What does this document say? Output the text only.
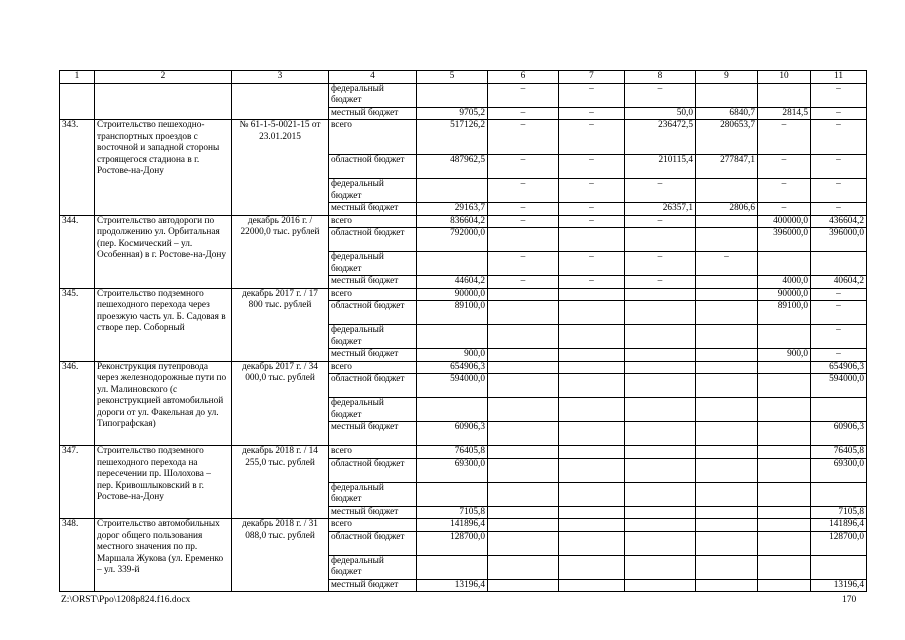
1	2	3	4	5	6	7	8	9	10	11
			федеральный бюджет		–	–	–			–
			местный бюджет	9705,2	–	–	50,0	6840,7	2814,5	–
343.	Строительство пешеходно-транспортных проездов с восточной и западной стороны строящегося стадиона в г. Ростове-на-Дону	№ 61-1-5-0021-15 от 23.01.2015	всего	517126,2	–	–	236472,5	280653,7	–	–
			областной бюджет	487962,5	–	–	210115,4	277847,1	–	–
			федеральный бюджет		–	–	–		–	–
			местный бюджет	29163,7	–	–	26357,1	2806,6	–	–
344.	Строительство автодороги по продолжению ул. Орбитальная (пер. Космический – ул. Особенная) в г. Ростове-на-Дону	декабрь 2016 г. / 22000,0 тыс. рублей	всего	836604,2	–	–	–		400000,0	436604,2
			областной бюджет	792000,0					396000,0	396000,0
			федеральный бюджет		–	–	–	–		
			местный бюджет	44604,2	–	–	–		4000,0	40604,2
345.	Строительство подземного пешеходного перехода через проезжую часть ул. Б. Садовая в створе пер. Соборный	декабрь 2017 г. / 17 800 тыс. рублей	всего	90000,0					90000,0	–
			областной бюджет	89100,0					89100,0	–
			федеральный бюджет							–
			местный бюджет	900,0					900,0	–
346.	Реконструкция путепровода через железнодорожные пути по ул. Малиновского (с реконструкцией автомобильной дороги от ул. Факельная до ул. Типографская)	декабрь 2017 г. / 34 000,0 тыс. рублей	всего	654906,3						654906,3
			областной бюджет	594000,0						594000,0
			федеральный бюджет							
			местный бюджет	60906,3						60906,3
347.	Строительство подземного пешеходного перехода на пересечении пр. Шолохова – пер. Кривошлыковский в г. Ростове-на-Дону	декабрь 2018 г. / 14 255,0 тыс. рублей	всего	76405,8						76405,8
			областной бюджет	69300,0						69300,0
			федеральный бюджет							
			местный бюджет	7105,8						7105,8
348.	Строительство автомобильных дорог общего пользования местного значения по пр. Маршала Жукова (ул. Еременко – ул. 339-й	декабрь 2018 г. / 31 088,0 тыс. рублей	всего	141896,4						141896,4
			областной бюджет	128700,0						128700,0
			федеральный бюджет							
			местный бюджет	13196,4						13196,4
Z:\ORST\Ppo\1208p824.f16.docx	170
